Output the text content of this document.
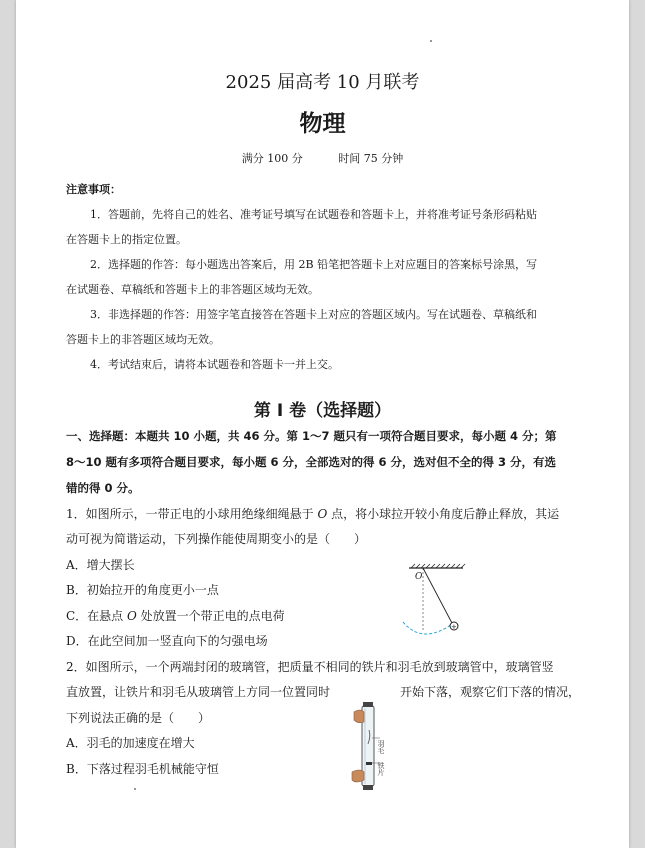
2025 届高考 10 月联考
物理
满分 100 分	时间 75 分钟
注意事项：
1．答题前，先将自己的姓名、准考证号填写在试题卷和答题卡上，并将准考证号条形码粘贴
在答题卡上的指定位置。
2．选择题的作答：每小题选出答案后，用 2B 铅笔把答题卡上对应题目的答案标号涂黑，写
在试题卷、草稿纸和答题卡上的非答题区域均无效。
3．非选择题的作答：用签字笔直接答在答题卡上对应的答题区域内。写在试题卷、草稿纸和
答题卡上的非答题区域均无效。
4．考试结束后，请将本试题卷和答题卡一并上交。
第 I 卷（选择题）
一、选择题：本题共 10 小题，共 46 分。第 1～7 题只有一项符合题目要求，每小题 4 分；第
8～10 题有多项符合题目要求，每小题 6 分，全部选对的得 6 分，选对但不全的得 3 分，有选
错的得 0 分。
1．如图所示，一带正电的小球用绝缘细绳悬于 O 点，将小球拉开较小角度后静止释放，其运
动可视为简谐运动，下列操作能使周期变小的是（　　）
A．增大摆长
B．初始拉开的角度更小一点
C．在悬点 O 处放置一个带正电的点电荷
D．在此空间加一竖直向下的匀强电场
O
+
2．如图所示，一个两端封闭的玻璃管，把质量不相同的铁片和羽毛放到玻璃管中，玻璃管竖
直放置，让铁片和羽毛从玻璃管上方同一位置同时	开始下落，观察它们下落的情况，
下列说法正确的是（　　）
A．羽毛的加速度在增大
B．下落过程羽毛机械能守恒
羽毛
铁片
